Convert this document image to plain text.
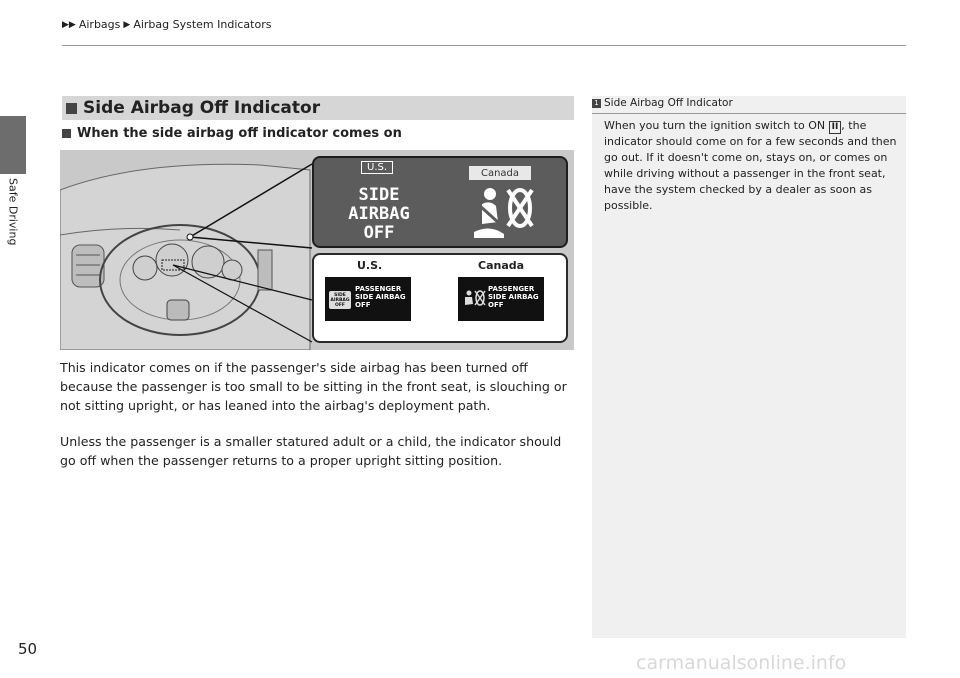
▶▶ Airbags ▶ Airbag System Indicators
Safe Driving
Side Airbag Off Indicator
When the side airbag off indicator comes on
U.S.	Canada
SIDE
AIRBAG
OFF
U.S.	Canada
SIDE
AIRBAG
OFF
PASSENGER
SIDE AIRBAG
OFF
PASSENGER
SIDE AIRBAG
OFF
This indicator comes on if the passenger's side airbag has been turned off because the passenger is too small to be sitting in the front seat, is slouching or not sitting upright, or has leaned into the airbag's deployment path.
Unless the passenger is a smaller statured adult or a child, the indicator should go off when the passenger returns to a proper upright sitting position.
1 Side Airbag Off Indicator
When you turn the ignition switch to ON II , the indicator should come on for a few seconds and then go out. If it doesn't come on, stays on, or comes on while driving without a passenger in the front seat, have the system checked by a dealer as soon as possible.
50
carmanualsonline.info
